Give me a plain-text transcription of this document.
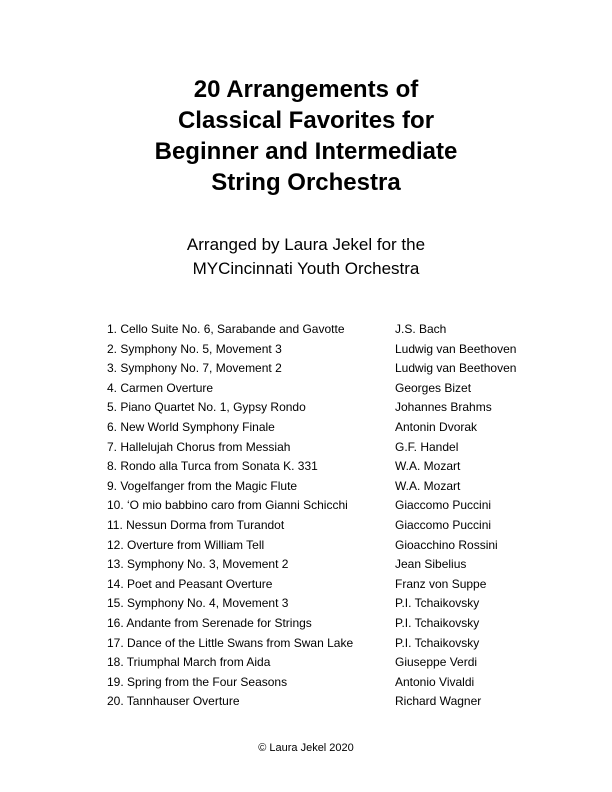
20 Arrangements of
Classical Favorites for
Beginner and Intermediate
String Orchestra
Arranged by Laura Jekel for the
MYCincinnati Youth Orchestra
1. Cello Suite No. 6, Sarabande and Gavotte	J.S. Bach
2. Symphony No. 5, Movement 3	Ludwig van Beethoven
3. Symphony No. 7, Movement 2	Ludwig van Beethoven
4. Carmen Overture	Georges Bizet
5. Piano Quartet No. 1, Gypsy Rondo	Johannes Brahms
6. New World Symphony Finale	Antonin Dvorak
7. Hallelujah Chorus from Messiah	G.F. Handel
8. Rondo alla Turca from Sonata K. 331	W.A. Mozart
9. Vogelfanger from the Magic Flute	W.A. Mozart
10. ‘O mio babbino caro from Gianni Schicchi	Giaccomo Puccini
11. Nessun Dorma from Turandot	Giaccomo Puccini
12. Overture from William Tell	Gioacchino Rossini
13. Symphony No. 3, Movement 2	Jean Sibelius
14. Poet and Peasant Overture	Franz von Suppe
15. Symphony No. 4, Movement 3	P.I. Tchaikovsky
16. Andante from Serenade for Strings	P.I. Tchaikovsky
17. Dance of the Little Swans from Swan Lake	P.I. Tchaikovsky
18. Triumphal March from Aida	Giuseppe Verdi
19. Spring from the Four Seasons	Antonio Vivaldi
20. Tannhauser Overture	Richard Wagner
© Laura Jekel 2020
